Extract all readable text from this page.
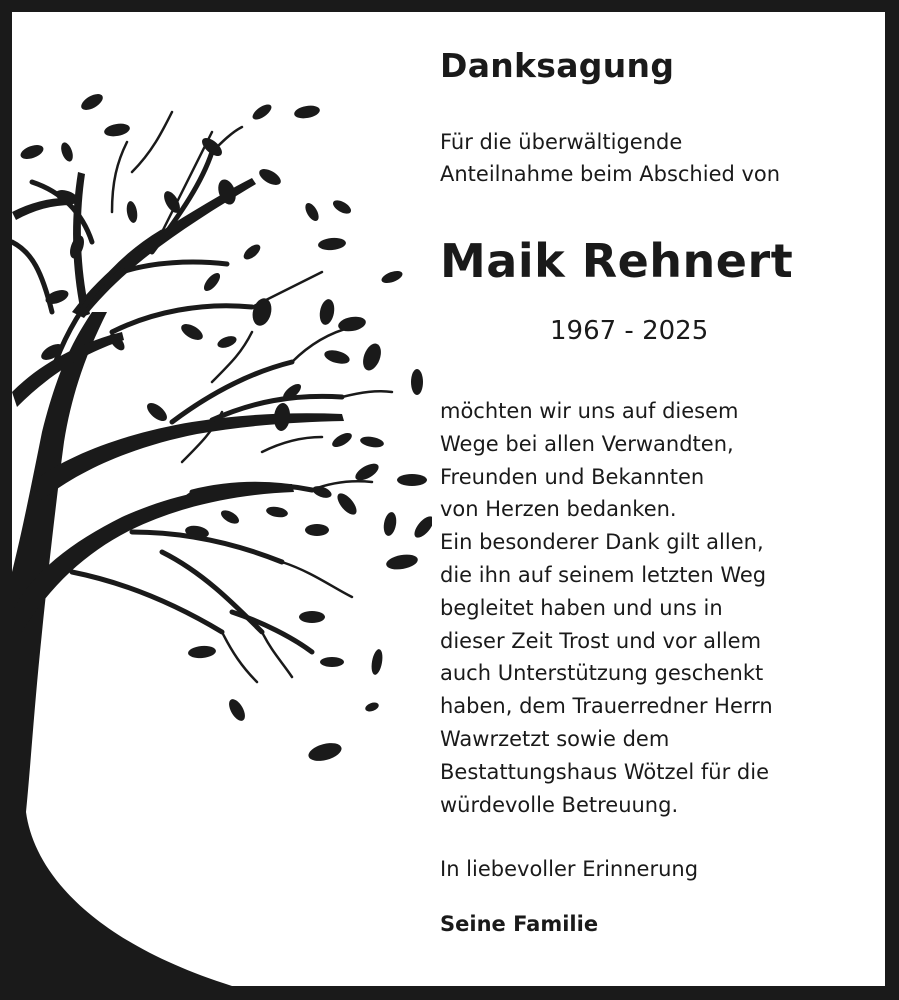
Danksagung

Für die überwältigende
Anteilnahme beim Abschied von

Maik Rehnert

1967 - 2025

möchten wir uns auf diesem
Wege bei allen Verwandten,
Freunden und Bekannten
von Herzen bedanken.
Ein besonderer Dank gilt allen,
die ihn auf seinem letzten Weg
begleitet haben und uns in
dieser Zeit Trost und vor allem
auch Unterstützung geschenkt
haben, dem Trauerredner Herrn
Wawrzetzt sowie dem
Bestattungshaus Wötzel für die
würdevolle Betreuung.

In liebevoller Erinnerung

Seine Familie
